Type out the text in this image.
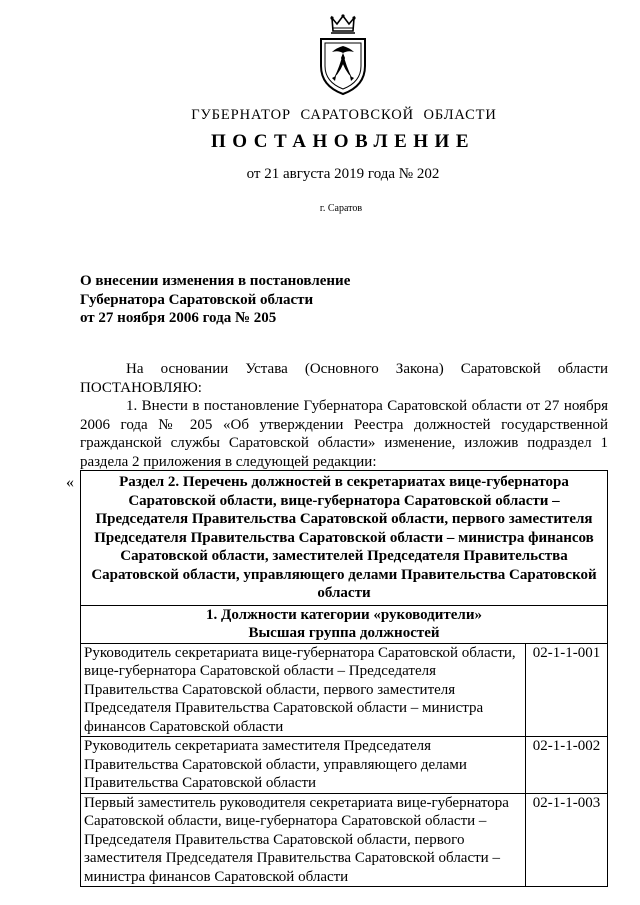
ГУБЕРНАТОР САРАТОВСКОЙ ОБЛАСТИ
ПОСТАНОВЛЕНИЕ
от 21 августа 2019 года № 202
г. Саратов
О внесении изменения в постановление
Губернатора Саратовской области
от 27 ноября 2006 года № 205
На основании Устава (Основного Закона) Саратовской области ПОСТАНОВЛЯЮ:
1. Внести в постановление Губернатора Саратовской области от 27 ноября 2006 года № 205 «Об утверждении Реестра должностей государственной гражданской службы Саратовской области» изменение, изложив подраздел 1 раздела 2 приложения в следующей редакции:
«	Раздел 2. Перечень должностей в секретариатах вице-губернатора Саратовской области, вице-губернатора Саратовской области – Председателя Правительства Саратовской области, первого заместителя Председателя Правительства Саратовской области – министра финансов Саратовской области, заместителей Председателя Правительства Саратовской области, управляющего делами Правительства Саратовской области	

1. Должности категории «руководители»
Высшая группа должностей	

Руководитель секретариата вице-губернатора Саратовской области, вице-губернатора Саратовской области – Председателя Правительства Саратовской области, первого заместителя Председателя Правительства Саратовской области – министра финансов Саратовской области	02-1-1-001
Руководитель секретариата заместителя Председателя Правительства Саратовской области, управляющего делами Правительства Саратовской области	02-1-1-002
Первый заместитель руководителя секретариата вице-губернатора Саратовской области, вице-губернатора Саратовской области – Председателя Правительства Саратовской области, первого заместителя Председателя Правительства Саратовской области – министра финансов Саратовской области	02-1-1-003
